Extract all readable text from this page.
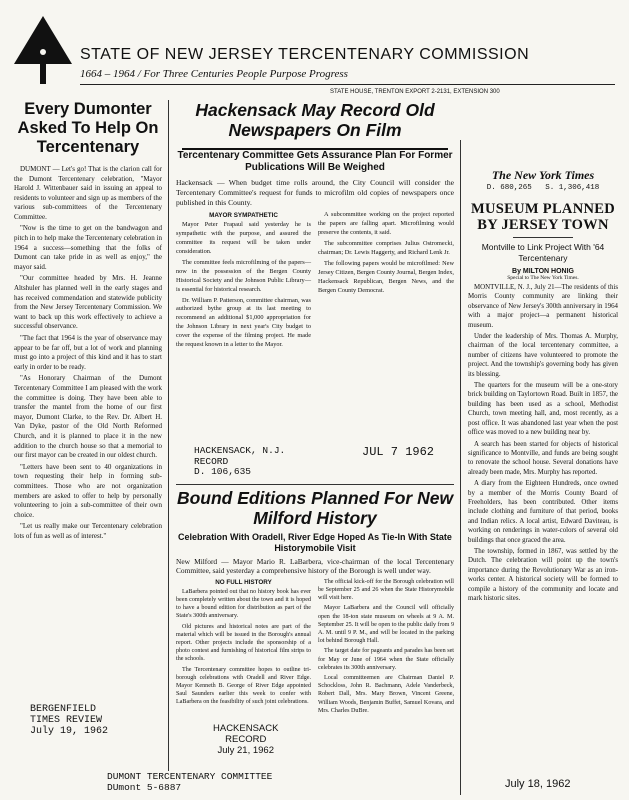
STATE OF NEW JERSEY TERCENTENARY COMMISSION
1664 – 1964 / For Three Centuries People Purpose Progress
STATE HOUSE, TRENTON EXPORT 2-2131, EXTENSION 300
Every Dumonter Asked To Help On Tercentenary

DUMONT — Let's go! That is the clarion call for the Dumont Tercentenary celebration, "Mayor Harold J. Wittenbauer said in issuing an appeal to residents to volunteer and sign up as members of the various sub-committees of the Tercentenary Committee.

"Now is the time to get on the bandwagon and pitch in to help make the Tercentenary celebration in 1964 a success—something that the folks of Dumont can take pride in as well as enjoy," the mayor said.

"Our committee headed by Mrs. H. Jeanne Altshuler has planned well in the early stages and has received commendation and statewide publicity from the New Jersey Tercentenary Commission. We want to back up this work effectively to achieve a successful observance.

"The fact that 1964 is the year of observance may appear to be far off, but a lot of work and planning must go into a project of this kind and it has to start early in order to be ready.

"As Honorary Chairman of the Dumont Tercentenary Committee I am pleased with the work the committee is doing. They have been able to transfer the mantel from the home of our first mayor, Dumont Clarke, to the Rev. Dr. Albert H. Van Dyke, pastor of the Old North Reformed Church, and it is planned to place it in the new addition to the church house so that a memorial to our first mayor can be created in our oldest church.

"Letters have been sent to 40 organizations in town requesting their help in forming sub-committees. Those who are not organization members are asked to offer to help by personally volunteering to join a sub-committee of their own choice.

"Let us really make our Tercentenary celebration lots of fun as well as of interest."

BERGENFIELD
TIMES REVIEW
July 19, 1962
Hackensack May Record Old Newspapers On Film
Tercentenary Committee Gets Assurance Plan For Former Publications Will Be Weighed
Hackensack — When budget time rolls around, the City Council will consider the Tercentenary Committee's request for funds to microfilm old copies of newspapers once published in this County.
MAYOR SYMPATHETIC

Mayor Peter Frapaul said yesterday he is sympathetic with the purpose, and assured the committee its request will be taken under consideration.

The committee feels microfilming of the papers—now in the possession of the Bergen County Historical Society and the Johnson Public Library—is essential for historical research.

Dr. William P. Patterson, committee chairman, was authorized bythe group at its last meeting to recommend an additional $1,000 appropriation for the Johnson Library in next year's City budget to cover the expense of the filming project. He made the request known in a letter to the Mayor.

A subcommittee working on the project reported the papers are falling apart. Microfilming would preserve the contents, it said.

The subcommittee comprises Julius Ostromecki, chairman; Dr. Lewis Haggerty, and Richard Lenk Jr.

The following papers would be microfilmed: New Jersey Citizen, Bergen County Journal, Bergen Index, Hackensack Republican, Bergen News, and the Bergen County Democrat.

HACKENSACK, N.J.
RECORD
D. 106,635
JUL 7 1962
Bound Editions Planned For New Milford History
Celebration With Oradell, River Edge Hoped As Tie-In With State Historymobile Visit
New Milford — Mayor Mario R. LaBarbera, vice-chairman of the local Tercentenary Committee, said yesterday a comprehensive history of the Borough is well under way.
NO FULL HISTORY

LaBarbera pointed out that no history book has ever been completely written about the town and it is hoped to have a bound edition for distribution as part of the State's 300th anniversary.

Old pictures and historical notes are part of the material which will be issued in the Borough's annual report. Other projects include the sponsorship of a photo contest and furnishing of historical film strips to the schools.

The Tercentenary committee hopes to outline tri-borough celebrations with Oradell and River Edge. Mayor Kenneth B. George of River Edge appointed Saul Saunders earlier this week to confer with LaBarbera on the feasibility of such joint celebrations.

The official kick-off for the Borough celebration will be September 25 and 26 when the State Historymobile will visit here.

Mayor LaBarbera and the Council will officially open the 18-ton state museum on wheels at 9 A. M. September 25. It will be open to the public daily from 9 A. M. until 9 P. M., and will be located in the parking lot behind Borough Hall.

The target date for pageants and parades has been set for May or June of 1964 when the State officially celebrates its 300th anniversary.

Local committeemen are Chairman Daniel P. Schockloss, John R. Bachmann, Adele Vanderbeck, Robert Dall, Mrs. Mary Brown, Vincent Greene, William Woods, Benjamin Buffet, Samuel Kovara, and Mrs. Charles DuBre.

HACKENSACK
RECORD
July 21, 1962
DUMONT TERCENTENARY COMMITTEE
DUmont 5-6887
The New York Times
D. 680,265   S. 1,306,418
MUSEUM PLANNED BY JERSEY TOWN
Montville to Link Project With '64 Tercentenary
By MILTON HONIG
Special to The New York Times.

MONTVILLE, N. J., July 21—The residents of this Morris County community are linking their observance of New Jersey's 300th anniversary in 1964 with a major project—a permanent historical museum.

Under the leadership of Mrs. Thomas A. Murphy, chairman of the local tercentenary committee, a number of citizens have volunteered to promote the project. And the township's governing body has given its blessing.

The quarters for the museum will be a one-story brick building on Taylortown Road. Built in 1857, the building has been used as a school, Methodist Church, town meeting hall, and, most recently, as a post office. It was abandoned last year when the post office was moved to a new building near by.

A search has been started for objects of historical significance to Montville, and funds are being sought to renovate the school house. Several donations have already been made, Mrs. Murphy has reported.

A diary from the Eighteen Hundreds, once owned by a member of the Morris County Board of Freeholders, has been contributed. Other items include clothing and furniture of that period, books and Indian relics. A local artist, Edward Daviteau, is working on renderings in water-colors of several old buildings that once graced the area.

The township, formed in 1867, was settled by the Dutch. The celebration will point up the town's importance during the Revolutionary War as an iron-works center. A historical society will be formed to compile a history of the community and locate and mark historic sites.

July 18, 1962
